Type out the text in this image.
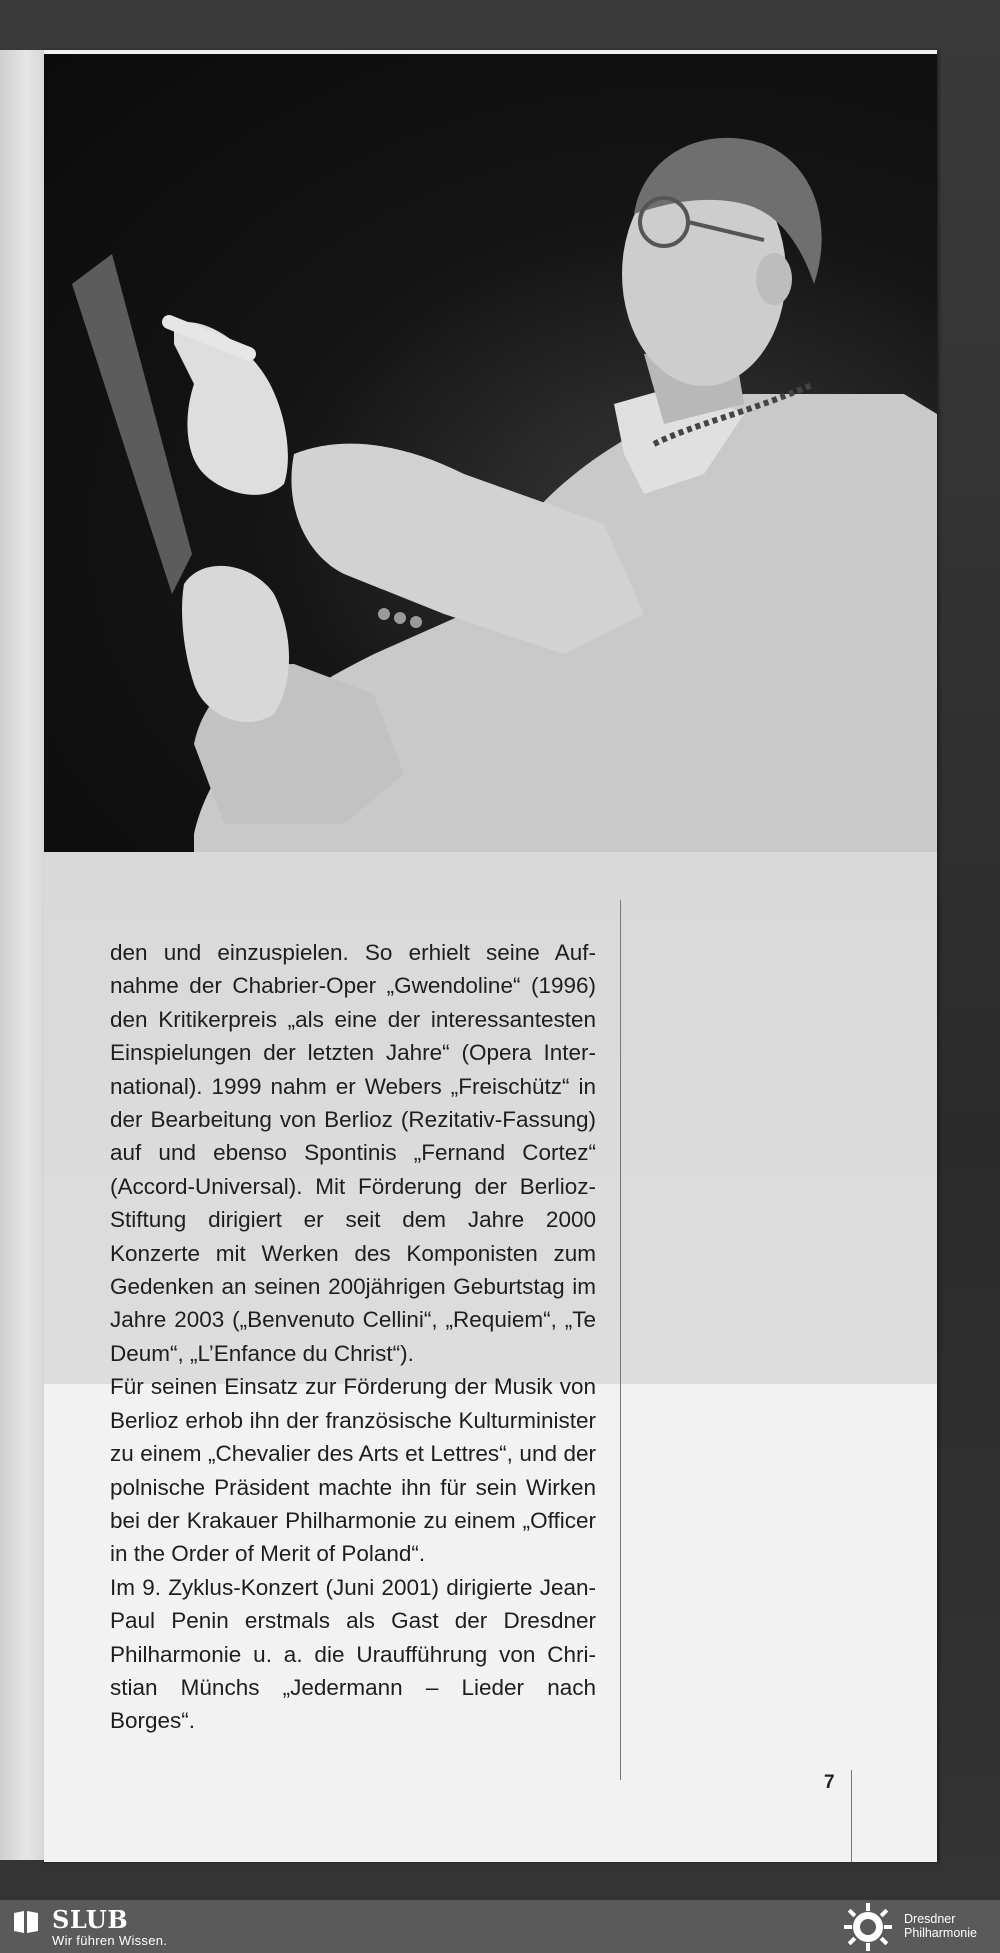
den und einzuspielen. So erhielt seine Aufnahme der Chabrier-Oper „Gwendoline“ (1996) den Kritikerpreis „als eine der interessantesten Einspielungen der letzten Jahre“ (Opera International). 1999 nahm er Webers „Freischütz“ in der Bearbeitung von Berlioz (Rezitativ-Fassung) auf und ebenso Spontinis „Fernand Cortez“ (Accord-Universal). Mit Förderung der Berlioz-Stiftung dirigiert er seit dem Jahre 2000 Konzerte mit Werken des Komponisten zum Gedenken an seinen 200jährigen Geburtstag im Jahre 2003 („Benvenuto Cellini“, „Requiem“, „Te Deum“, „L’Enfance du Christ“).

Für seinen Einsatz zur Förderung der Musik von Berlioz erhob ihn der französische Kulturminister zu einem „Chevalier des Arts et Lettres“, und der polnische Präsident machte ihn für sein Wirken bei der Krakauer Philharmonie zu einem „Officer in the Order of Merit of Poland“.

Im 9. Zyklus-Konzert (Juni 2001) dirigierte Jean-Paul Penin erstmals als Gast der Dresdner Philharmonie u. a. die Uraufführung von Christian Münchs „Jedermann – Lieder nach Borges“.

7
SLUB
Wir führen Wissen.
Dresdner
Philharmonie
